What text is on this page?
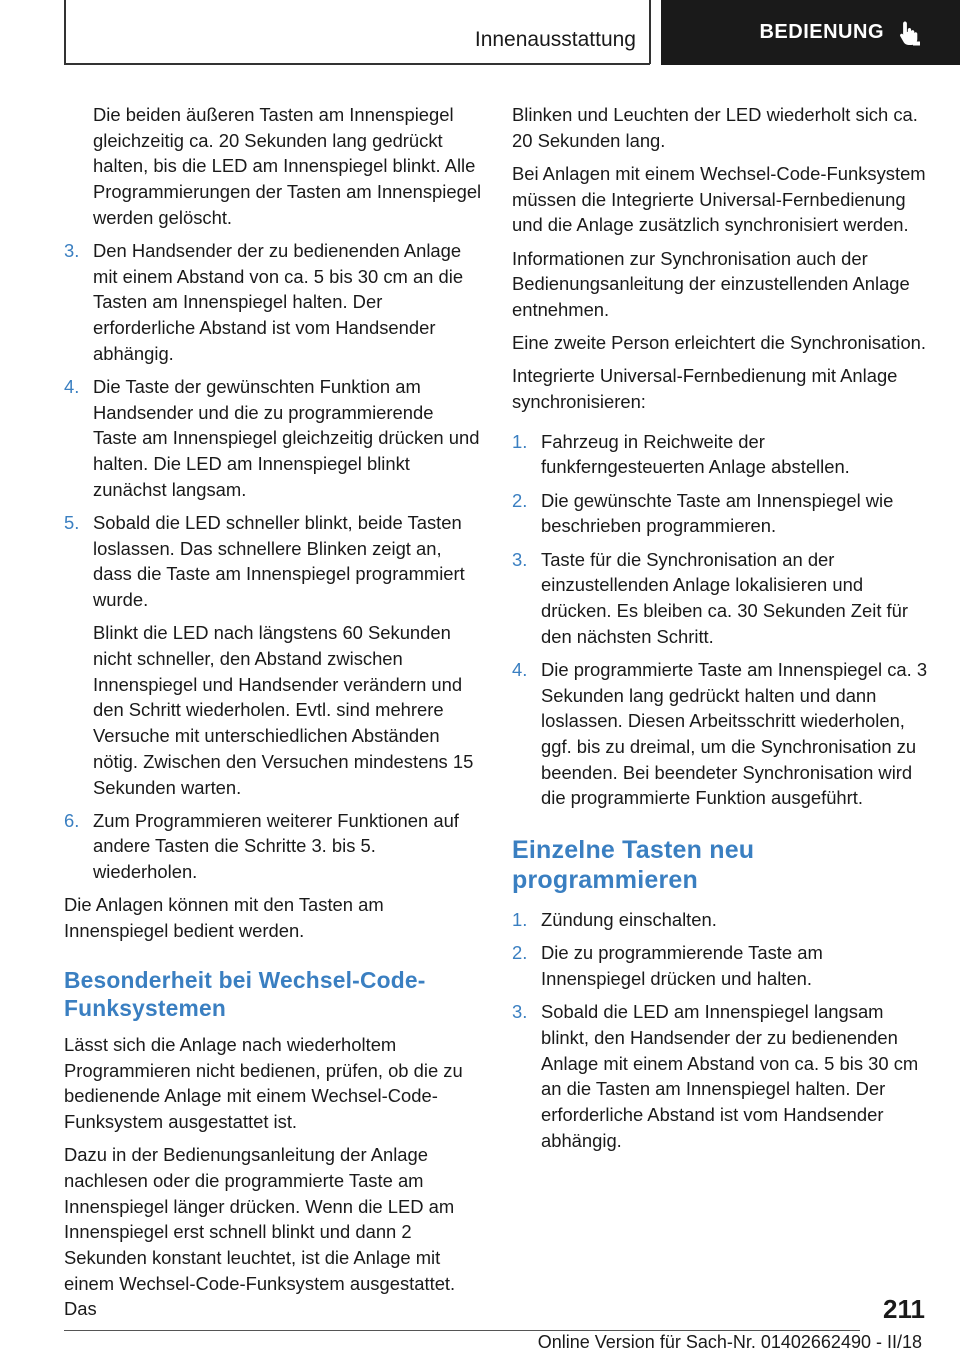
Innenausstattung	BEDIENUNG

Die beiden äußeren Tasten am Innenspiegel gleichzeitig ca. 20 Sekunden lang gedrückt halten, bis die LED am Innenspiegel blinkt. Alle Programmierungen der Tasten am Innenspiegel werden gelöscht.

3. Den Handsender der zu bedienenden Anlage mit einem Abstand von ca. 5 bis 30 cm an die Tasten am Innenspiegel halten. Der erforderliche Abstand ist vom Handsender abhängig.
4. Die Taste der gewünschten Funktion am Handsender und die zu programmierende Taste am Innenspiegel gleichzeitig drücken und halten. Die LED am Innenspiegel blinkt zunächst langsam.
5. Sobald die LED schneller blinkt, beide Tasten loslassen. Das schnellere Blinken zeigt an, dass die Taste am Innenspiegel programmiert wurde.

Blinkt die LED nach längstens 60 Sekunden nicht schneller, den Abstand zwischen Innenspiegel und Handsender verändern und den Schritt wiederholen. Evtl. sind mehrere Versuche mit unterschiedlichen Abständen nötig. Zwischen den Versuchen mindestens 15 Sekunden warten.

6. Zum Programmieren weiterer Funktionen auf andere Tasten die Schritte 3. bis 5. wiederholen.

Die Anlagen können mit den Tasten am Innenspiegel bedient werden.

Besonderheit bei Wechsel-Code-Funksystemen

Lässt sich die Anlage nach wiederholtem Programmieren nicht bedienen, prüfen, ob die zu bedienende Anlage mit einem Wechsel-Code-Funksystem ausgestattet ist.

Dazu in der Bedienungsanleitung der Anlage nachlesen oder die programmierte Taste am Innenspiegel länger drücken. Wenn die LED am Innenspiegel erst schnell blinkt und dann 2 Sekunden konstant leuchtet, ist die Anlage mit einem Wechsel-Code-Funksystem ausgestattet. Das

Blinken und Leuchten der LED wiederholt sich ca. 20 Sekunden lang.

Bei Anlagen mit einem Wechsel-Code-Funksystem müssen die Integrierte Universal-Fernbedienung und die Anlage zusätzlich synchronisiert werden.

Informationen zur Synchronisation auch der Bedienungsanleitung der einzustellenden Anlage entnehmen.

Eine zweite Person erleichtert die Synchronisation.

Integrierte Universal-Fernbedienung mit Anlage synchronisieren:

1. Fahrzeug in Reichweite der funkferngesteuerten Anlage abstellen.
2. Die gewünschte Taste am Innenspiegel wie beschrieben programmieren.
3. Taste für die Synchronisation an der einzustellenden Anlage lokalisieren und drücken. Es bleiben ca. 30 Sekunden Zeit für den nächsten Schritt.
4. Die programmierte Taste am Innenspiegel ca. 3 Sekunden lang gedrückt halten und dann loslassen. Diesen Arbeitsschritt wiederholen, ggf. bis zu dreimal, um die Synchronisation zu beenden. Bei beendeter Synchronisation wird die programmierte Funktion ausgeführt.
Einzelne Tasten neu programmieren
1. Zündung einschalten.
2. Die zu programmierende Taste am Innenspiegel drücken und halten.
3. Sobald die LED am Innenspiegel langsam blinkt, den Handsender der zu bedienenden Anlage mit einem Abstand von ca. 5 bis 30 cm an die Tasten am Innenspiegel halten. Der erforderliche Abstand ist vom Handsender abhängig.
211
Online Version für Sach-Nr. 01402662490 - II/18
